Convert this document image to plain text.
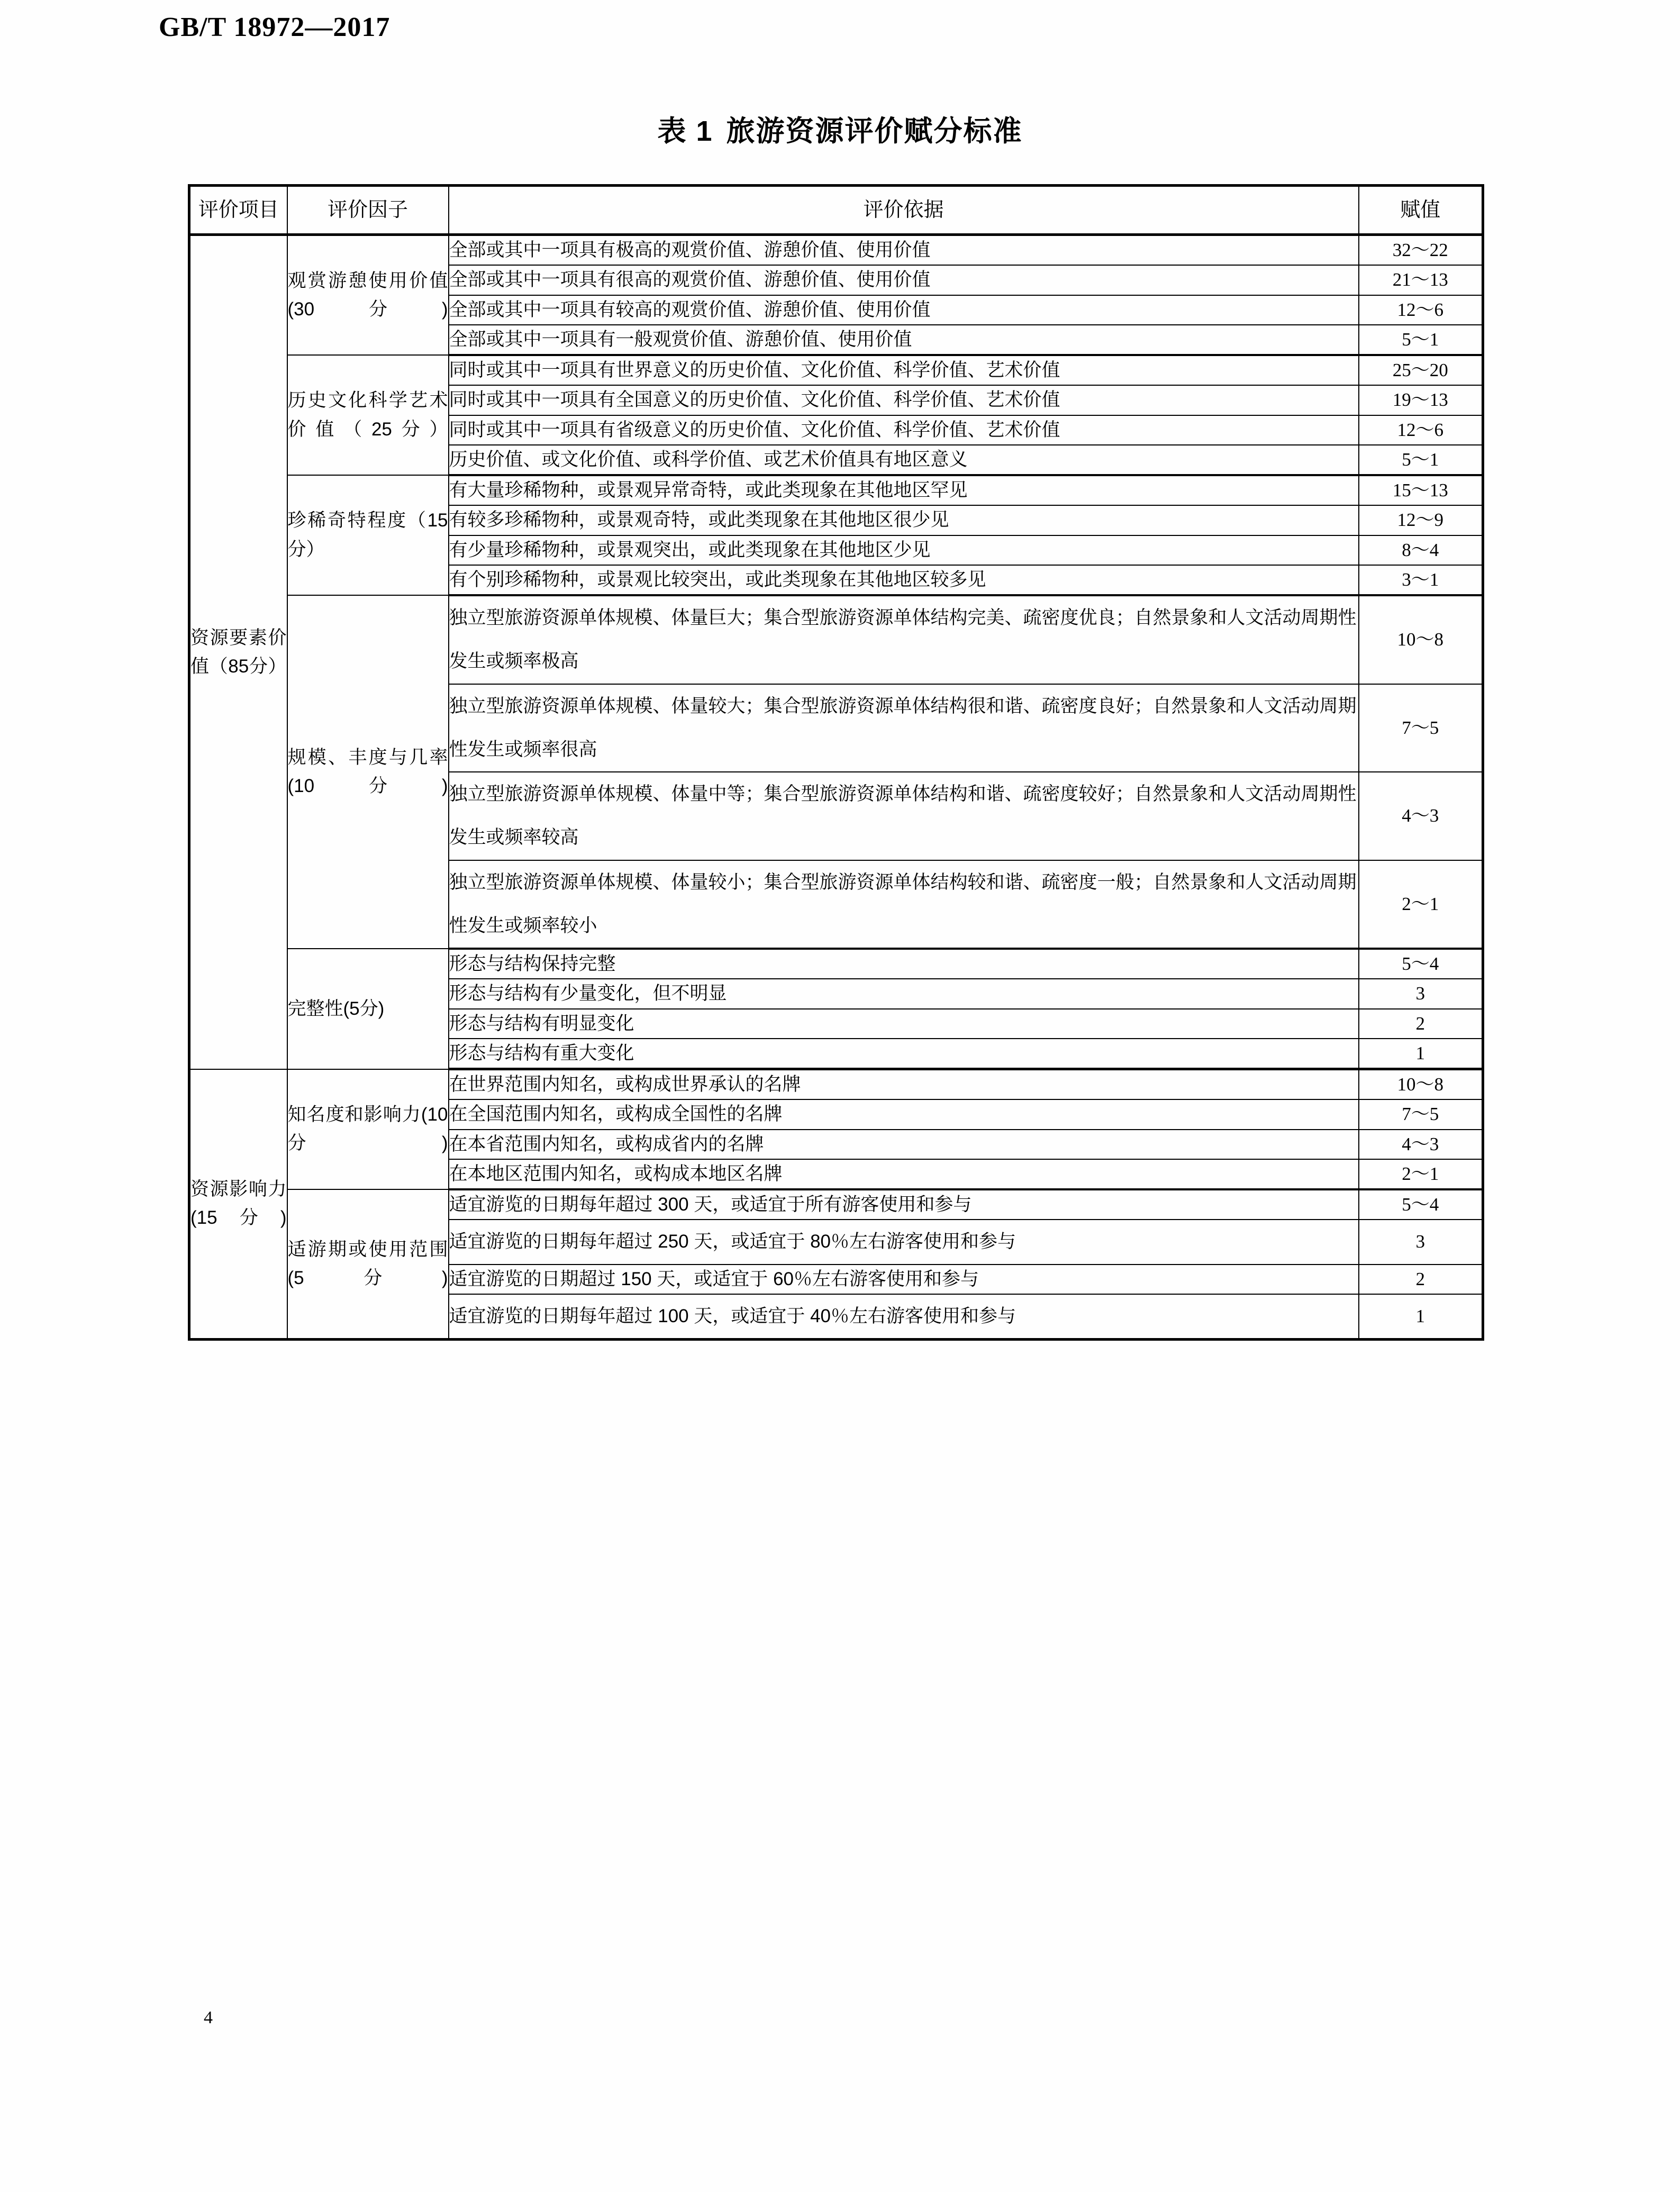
GB/T 18972—2017
表 1 旅游资源评价赋分标准
评价项目	评价因子	评价依据	赋值
资源要素价值（85分）	观赏游憩使用价值(30分)	全部或其中一项具有极高的观赏价值、游憩价值、使用价值	32～22
		全部或其中一项具有很高的观赏价值、游憩价值、使用价值	21～13
		全部或其中一项具有较高的观赏价值、游憩价值、使用价值	12～6
		全部或其中一项具有一般观赏价值、游憩价值、使用价值	5～1
	历史文化科学艺术价值（25分）	同时或其中一项具有世界意义的历史价值、文化价值、科学价值、艺术价值	25～20
		同时或其中一项具有全国意义的历史价值、文化价值、科学价值、艺术价值	19～13
		同时或其中一项具有省级意义的历史价值、文化价值、科学价值、艺术价值	12～6
		历史价值、或文化价值、或科学价值、或艺术价值具有地区意义	5～1
	珍稀奇特程度（15分）	有大量珍稀物种，或景观异常奇特，或此类现象在其他地区罕见	15～13
		有较多珍稀物种，或景观奇特，或此类现象在其他地区很少见	12～9
		有少量珍稀物种，或景观突出，或此类现象在其他地区少见	8～4
		有个别珍稀物种，或景观比较突出，或此类现象在其他地区较多见	3～1
	规模、丰度与几率(10分)	独立型旅游资源单体规模、体量巨大；集合型旅游资源单体结构完美、疏密度优良；自然景象和人文活动周期性发生或频率极高	10～8
		独立型旅游资源单体规模、体量较大；集合型旅游资源单体结构很和谐、疏密度良好；自然景象和人文活动周期性发生或频率很高	7～5
		独立型旅游资源单体规模、体量中等；集合型旅游资源单体结构和谐、疏密度较好；自然景象和人文活动周期性发生或频率较高	4～3
		独立型旅游资源单体规模、体量较小；集合型旅游资源单体结构较和谐、疏密度一般；自然景象和人文活动周期性发生或频率较小	2～1
	完整性(5分)	形态与结构保持完整	5～4
		形态与结构有少量变化，但不明显	3
		形态与结构有明显变化	2
		形态与结构有重大变化	1
资源影响力(15分)	知名度和影响力(10分)	在世界范围内知名，或构成世界承认的名牌	10～8
		在全国范围内知名，或构成全国性的名牌	7～5
		在本省范围内知名，或构成省内的名牌	4～3
		在本地区范围内知名，或构成本地区名牌	2～1
	适游期或使用范围(5分)	适宜游览的日期每年超过 300 天，或适宜于所有游客使用和参与	5～4
		适宜游览的日期每年超过 250 天，或适宜于 80％左右游客使用和参与	3
		适宜游览的日期超过 150 天，或适宜于 60％左右游客使用和参与	2
		适宜游览的日期每年超过 100 天，或适宜于 40％左右游客使用和参与	1
4
